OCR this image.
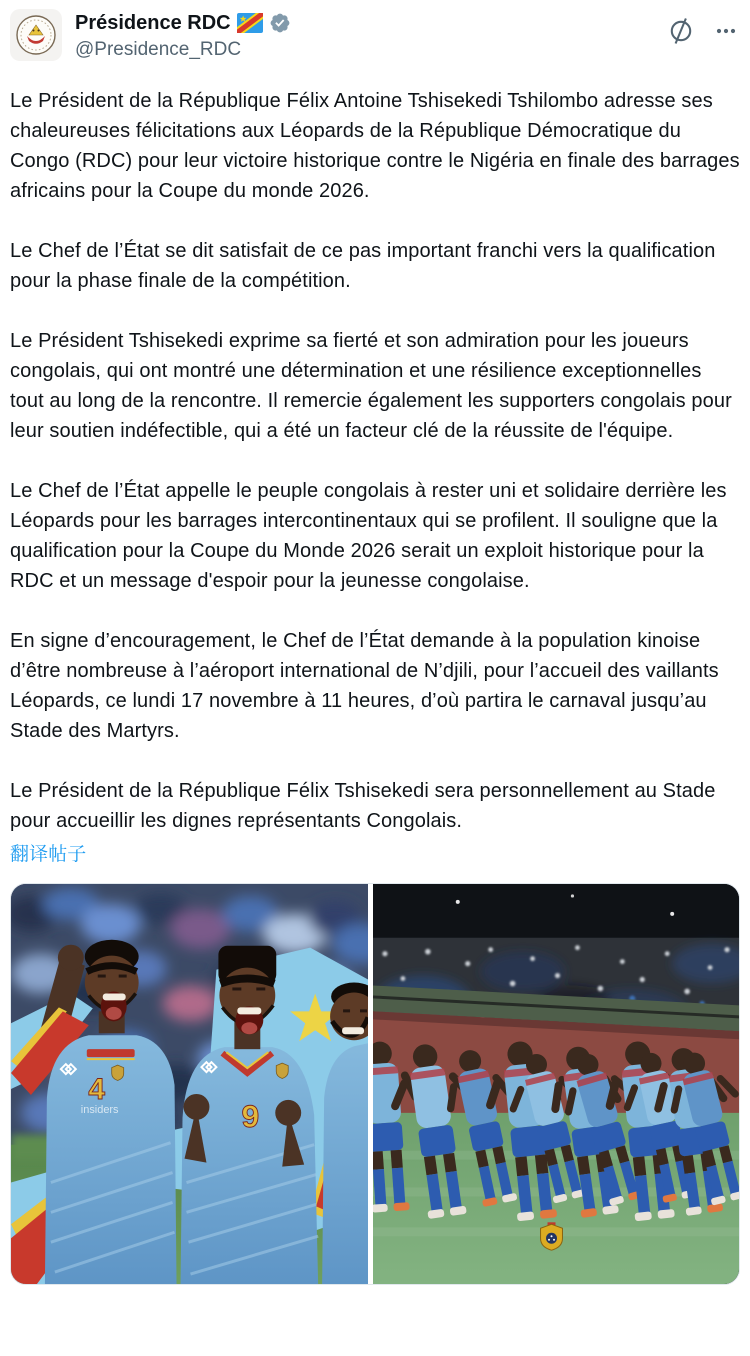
Présidence RDC
@Presidence_RDC

Le Président de la République Félix Antoine Tshisekedi Tshilombo adresse ses chaleureuses félicitations aux Léopards de la République Démocratique du Congo (RDC) pour leur victoire historique contre le Nigéria en finale des barrages africains pour la Coupe du monde 2026.

Le Chef de l’État se dit satisfait de ce pas important franchi vers la qualification pour la phase finale de la compétition.

Le Président Tshisekedi exprime sa fierté et son admiration pour les joueurs congolais, qui ont montré une détermination et une résilience exceptionnelles tout au long de la rencontre. Il remercie également les supporters congolais pour leur soutien indéfectible, qui a été un facteur clé de la réussite de l'équipe.

Le Chef de l’État appelle le peuple congolais à rester uni et solidaire derrière les Léopards pour les barrages intercontinentaux qui se profilent. Il souligne que la qualification pour la Coupe du Monde 2026 serait un exploit historique pour la RDC et un message d'espoir pour la jeunesse congolaise.

En signe d’encouragement, le Chef de l’État demande à la population kinoise d’être nombreuse à l’aéroport international de N’djili, pour l’accueil des vaillants Léopards, ce lundi 17 novembre à 11 heures, d’où partira le carnaval jusqu’au Stade des Martyrs.

Le Président de la République Félix Tshisekedi sera personnellement au Stade pour accueillir les dignes représentants Congolais.

翻译帖子
4
insiders	9
